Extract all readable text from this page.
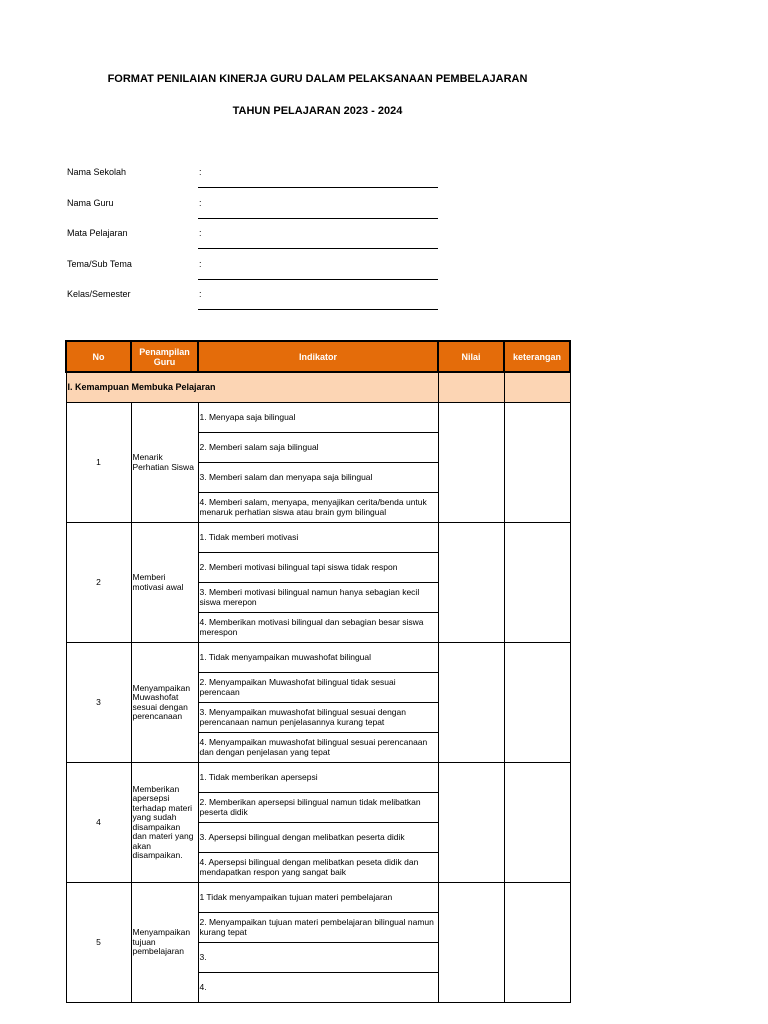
FORMAT PENILAIAN KINERJA GURU DALAM PELAKSANAAN PEMBELAJARAN
TAHUN PELAJARAN 2023 - 2024
Nama Sekolah	:
Nama Guru	:
Mata Pelajaran	:
Tema/Sub Tema	:
Kelas/Semester	:
No	Penampilan Guru	Indikator	Nilai	keterangan
I. Kemampuan Membuka Pelajaran				
1	Menarik Perhatian Siswa	1. Menyapa saja bilingual		
		2. Memberi salam saja bilingual		
		3. Memberi salam dan menyapa saja bilingual		
		4. Memberi salam, menyapa, menyajikan cerita/benda untuk menaruk perhatian siswa atau brain gym bilingual		
2	Memberi motivasi awal	1. Tidak memberi motivasi		
		2. Memberi motivasi bilingual tapi siswa tidak respon		
		3. Memberi motivasi bilingual namun hanya sebagian kecil siswa merepon		
		4. Memberikan motivasi bilingual dan sebagian besar siswa merespon		
3	Menyampaikan Muwashofat sesuai dengan perencanaan	1. Tidak menyampaikan muwashofat bilingual		
		2. Menyampaikan Muwashofat bilingual tidak sesuai perencaan		
		3. Menyampaikan muwashofat bilingual sesuai dengan perencanaan namun penjelasannya kurang tepat		
		4. Menyampaikan muwashofat bilingual sesuai perencanaan dan dengan penjelasan yang tepat		
4	Memberikan apersepsi terhadap materi yang sudah disampaikan dan materi yang akan disampaikan.	1. Tidak memberikan apersepsi		
		2. Memberikan apersepsi bilingual namun tidak melibatkan peserta didik		
		3. Apersepsi bilingual dengan melibatkan peserta didik		
		4. Apersepsi bilingual dengan melibatkan peseta didik dan mendapatkan respon yang sangat baik		
5	Menyampaikan tujuan pembelajaran	1 Tidak menyampaikan tujuan materi pembelajaran		
		2. Menyampaikan tujuan materi pembelajaran bilingual namun kurang tepat		
		3.		
		4.		
